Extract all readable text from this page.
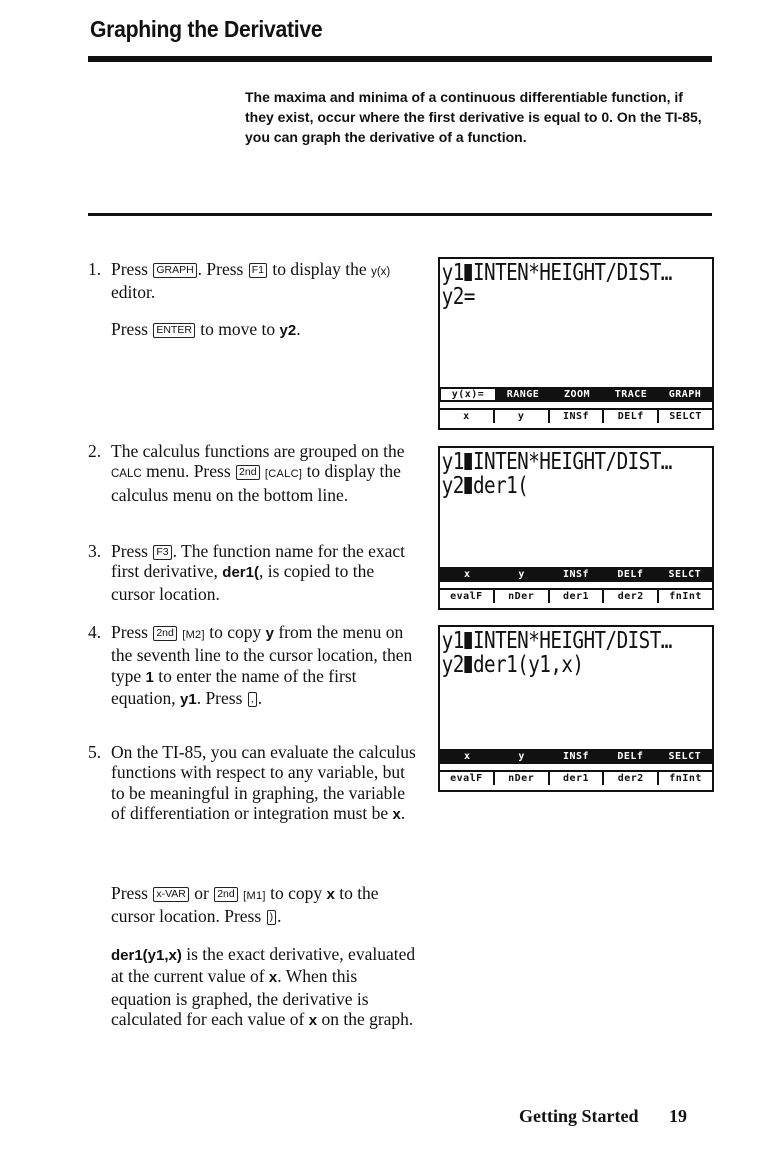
Graphing the Derivative
The maxima and minima of a continuous differentiable function, if they exist, occur where the first derivative is equal to 0. On the TI-85, you can graph the derivative of a function.
1. Press GRAPH . Press F1 to display the y(x) editor.
Press ENTER to move to y2.
2. The calculus functions are grouped on the CALC menu. Press 2nd [CALC] to display the calculus menu on the bottom line.
3. Press F3 . The function name for the exact first derivative, der1(, is copied to the cursor location.
4. Press 2nd [M2] to copy y from the menu on the seventh line to the cursor location, then type 1 to enter the name of the first equation, y1. Press , .
5. On the TI-85, you can evaluate the calculus functions with respect to any variable, but to be meaningful in graphing, the variable of differentiation or integration must be x.
Press x-VAR or 2nd [M1] to copy x to the cursor location. Press ) .
der1(y1,x) is the exact derivative, evaluated at the current value of x. When this equation is graphed, the derivative is calculated for each value of x on the graph.
y1 INTEN*HEIGHT/DIST…
y2=
y(x)=	RANGE	ZOOM	TRACE	GRAPH
x	y	INSf	DELf	SELCT
y1 INTEN*HEIGHT/DIST…
y2 der1(
x	y	INSf	DELf	SELCT
evalF	nDer	der1	der2	fnInt
y1 INTEN*HEIGHT/DIST…
y2 der1(y1,x)
x	y	INSf	DELf	SELCT
evalF	nDer	der1	der2	fnInt
Getting Started 19
